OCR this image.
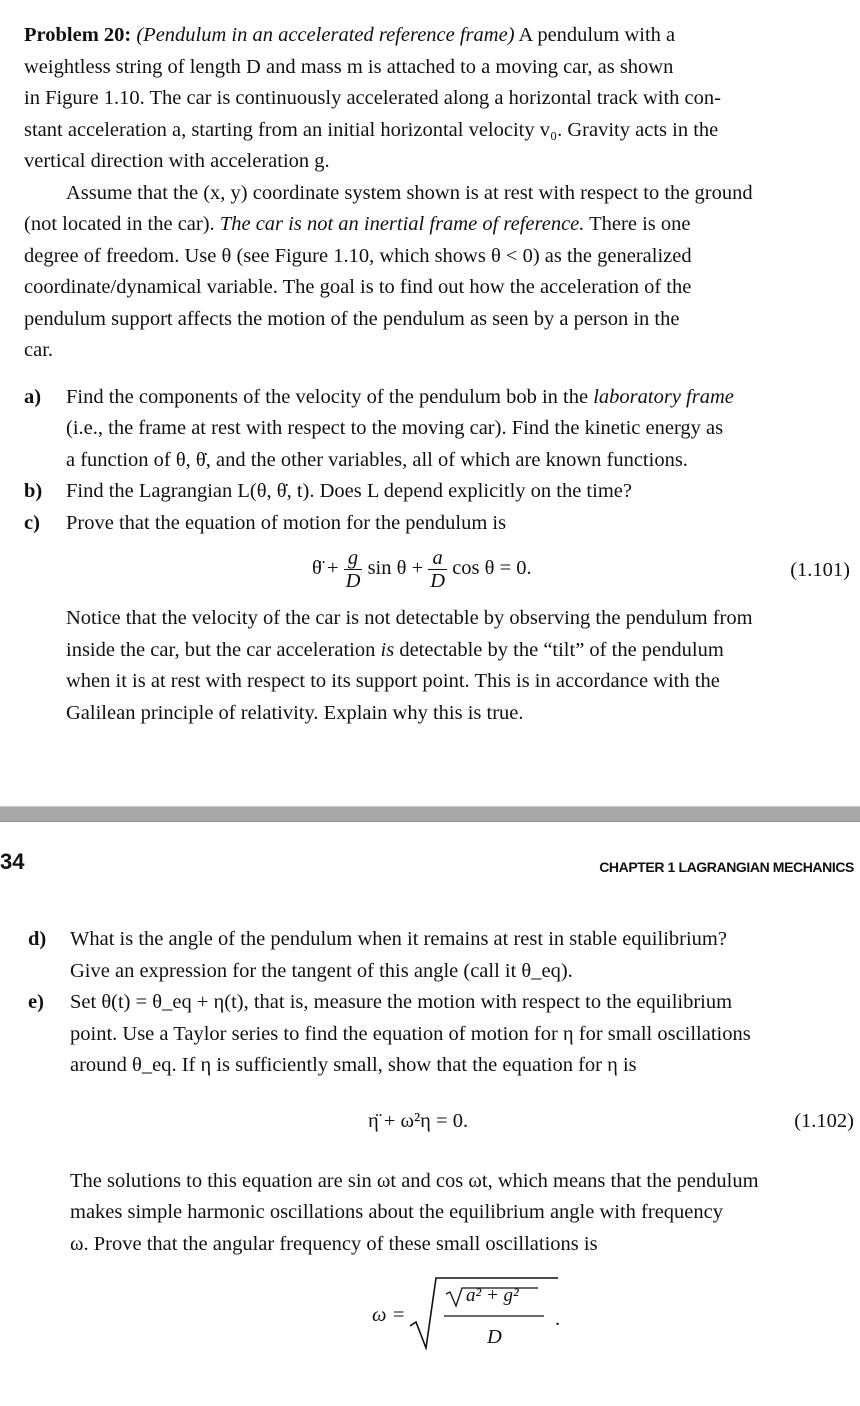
Problem 20: (Pendulum in an accelerated reference frame) A pendulum with a
weightless string of length D and mass m is attached to a moving car, as shown
in Figure 1.10. The car is continuously accelerated along a horizontal track with con-
stant acceleration a, starting from an initial horizontal velocity v₀. Gravity acts in the
vertical direction with acceleration g.
Assume that the (x, y) coordinate system shown is at rest with respect to the ground
(not located in the car). The car is not an inertial frame of reference. There is one
degree of freedom. Use θ (see Figure 1.10, which shows θ < 0) as the generalized
coordinate/dynamical variable. The goal is to find out how the acceleration of the
pendulum support affects the motion of the pendulum as seen by a person in the
car.
a) Find the components of the velocity of the pendulum bob in the laboratory frame
(i.e., the frame at rest with respect to the moving car). Find the kinetic energy as
a function of θ, θ̇, and the other variables, all of which are known functions.
b) Find the Lagrangian L(θ, θ̇, t). Does L depend explicitly on the time?
c) Prove that the equation of motion for the pendulum is
θ̈ + $\frac{g}{D}$ $\sin \theta + \frac{a}{D}$ cos θ = 0.	(1.101)
Notice that the velocity of the car is not detectable by observing the pendulum from
inside the car, but the car acceleration is detectable by the “tilt” of the pendulum
when it is at rest with respect to its support point. This is in accordance with the
Galilean principle of relativity. Explain why this is true.
34	CHAPTER 1 LAGRANGIAN MECHANICS
d) What is the angle of the pendulum when it remains at rest in stable equilibrium?
Give an expression for the tangent of this angle (call it θ_eq).
e) Set θ(t) = θ_eq + η(t), that is, measure the motion with respect to the equilibrium
point. Use a Taylor series to find the equation of motion for η for small oscillations
around θ_eq. If η is sufficiently small, show that the equation for η is
η̈ + ω²η = 0.	(1.102)
The solutions to this equation are sin ωt and cos ωt, which means that the pendulum
makes simple harmonic oscillations about the equilibrium angle with frequency
ω. Prove that the angular frequency of these small oscillations is
ω =
a² + g²
D
.
